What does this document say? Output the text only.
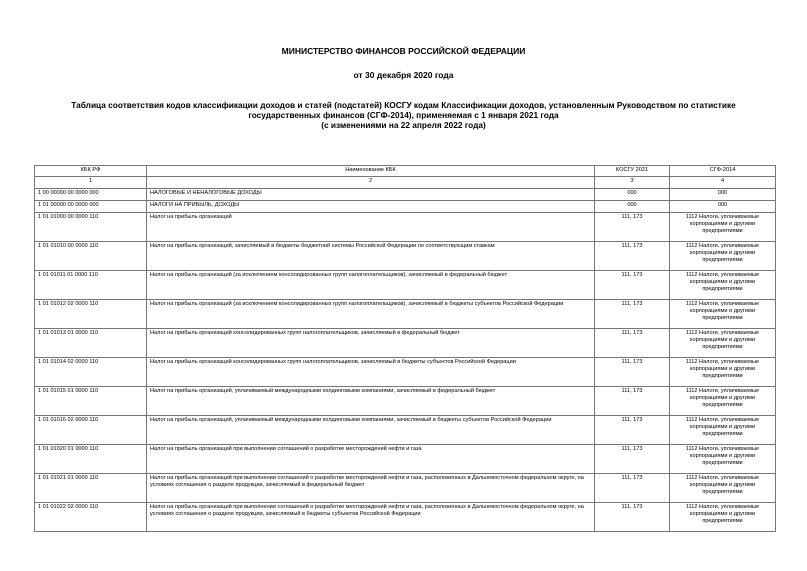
МИНИСТЕРСТВО ФИНАНСОВ РОССИЙСКОЙ ФЕДЕРАЦИИ
от 30 декабря 2020 года
Таблица соответствия кодов классификации доходов и статей (подстатей) КОСГУ кодам Классификации доходов, установленным Руководством по статистике
государственных финансов (СГФ-2014), применяемая с 1 января 2021 года
(с изменениями на 22 апреля 2022 года)
КБК РФ	Наименование КБК	КОСГУ 2021	СГФ-2014
1	2	3	4
1 00 00000 00 0000 000	НАЛОГОВЫЕ И НЕНАЛОГОВЫЕ ДОХОДЫ	000	000
1 01 00000 00 0000 000	НАЛОГИ НА ПРИБЫЛЬ, ДОХОДЫ	000	000
1 01 01000 00 0000 110	Налог на прибыль организаций	111, 173	1112 Налоги, уплачиваемые корпорациями и другими предприятиями
1 01 01010 00 0000 110	Налог на прибыль организаций, зачисляемый в бюджеты бюджетной системы Российской Федерации по соответствующим ставкам	111, 173	1112 Налоги, уплачиваемые корпорациями и другими предприятиями
1 01 01011 01 0000 110	Налог на прибыль организаций (за исключением консолидированных групп налогоплательщиков), зачисляемый в федеральный бюджет	111, 173	1112 Налоги, уплачиваемые корпорациями и другими предприятиями
1 01 01012 02 0000 110	Налог на прибыль организаций (за исключением консолидированных групп налогоплательщиков), зачисляемый в бюджеты субъектов Российской Федерации	111, 173	1112 Налоги, уплачиваемые корпорациями и другими предприятиями
1 01 01013 01 0000 110	Налог на прибыль организаций консолидированных групп налогоплательщиков, зачисляемый в федеральный бюджет	111, 173	1112 Налоги, уплачиваемые корпорациями и другими предприятиями
1 01 01014 02 0000 110	Налог на прибыль организаций консолидированных групп налогоплательщиков, зачисляемый в бюджеты субъектов Российской Федерации	111, 173	1112 Налоги, уплачиваемые корпорациями и другими предприятиями
1 01 01015 01 0000 110	Налог на прибыль организаций, уплачиваемый международными холдинговыми компаниями, зачисляемый в федеральный бюджет	111, 173	1112 Налоги, уплачиваемые корпорациями и другими предприятиями
1 01 01016 02 0000 110	Налог на прибыль организаций, уплачиваемый международными холдинговыми компаниями, зачисляемый в бюджеты субъектов Российской Федерации	111, 173	1112 Налоги, уплачиваемые корпорациями и другими предприятиями
1 01 01020 01 0000 110	Налог на прибыль организаций при выполнении соглашений о разработке месторождений нефти и газа	111, 173	1112 Налоги, уплачиваемые корпорациями и другими предприятиями
1 01 01021 01 0000 110	Налог на прибыль организаций при выполнении соглашений о разработке месторождений нефти и газа, расположенных в Дальневосточном федеральном округе, на условиях соглашения о разделе продукции, зачисляемый в федеральный бюджет	111, 173	1112 Налоги, уплачиваемые корпорациями и другими предприятиями
1 01 01022 02 0000 110	Налог на прибыль организаций при выполнении соглашений о разработке месторождений нефти и газа, расположенных в Дальневосточном федеральном округе, на условиях соглашения о разделе продукции, зачисляемый в бюджеты субъектов Российской Федерации	111, 173	1112 Налоги, уплачиваемые корпорациями и другими предприятиями
